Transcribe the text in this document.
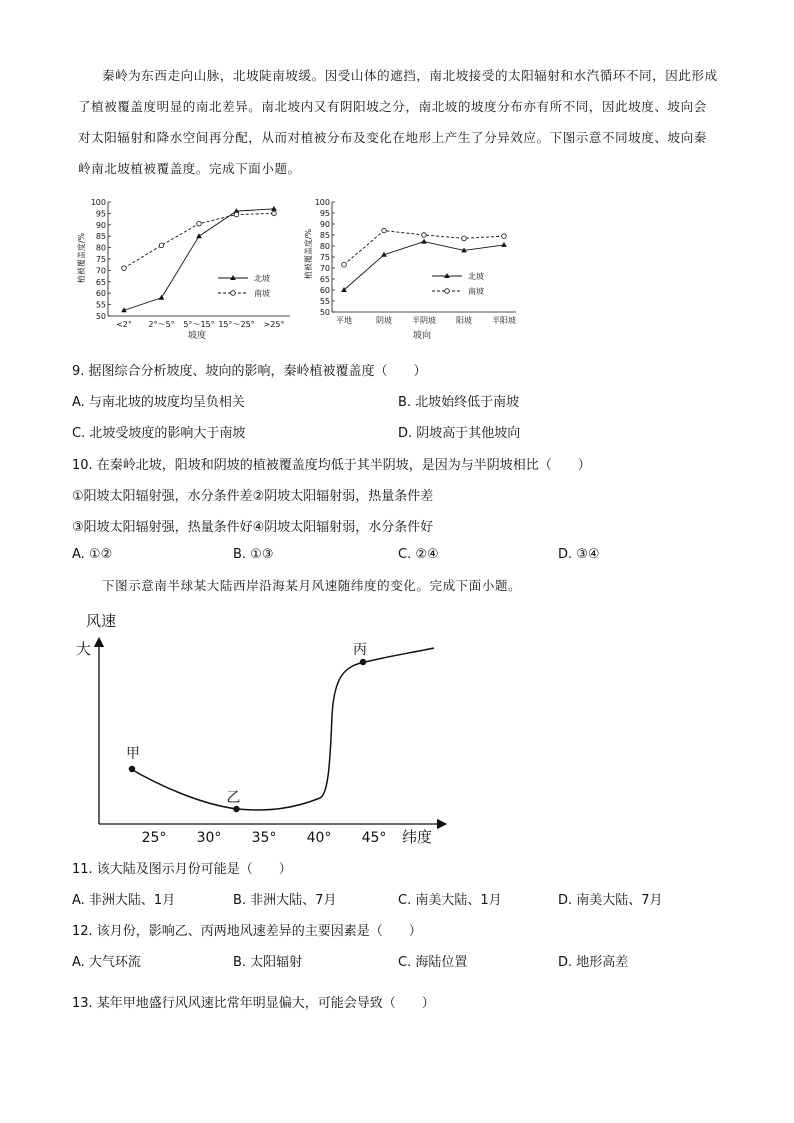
秦岭为东西走向山脉，北坡陡南坡缓。因受山体的遮挡，南北坡接受的太阳辐射和水汽循环不同，因此形成了植被覆盖度明显的南北差异。南北坡内又有阴阳坡之分，南北坡的坡度分布亦有所不同，因此坡度、坡向会对太阳辐射和降水空间再分配，从而对植被分布及变化在地形上产生了分异效应。下图示意不同坡度、坡向秦岭南北坡植被覆盖度。完成下面小题。
50
55
60
65
70
75
80
85
90
95
100
<2° 2°～5° 5°～15° 15°～25° >25°
植被覆盖度/%
坡度
北坡
南坡
50
55
60
65
70
75
80
85
90
95
100
平地	阴坡	半阴坡	阳坡	半阳坡
植被覆盖度/%
坡向
北坡
南坡
9. 据图综合分析坡度、坡向的影响，秦岭植被覆盖度（　　）
A. 与南北坡的坡度均呈负相关	B. 北坡始终低于南坡
C. 北坡受坡度的影响大于南坡	D. 阴坡高于其他坡向
10. 在秦岭北坡，阳坡和阴坡的植被覆盖度均低于其半阴坡，是因为与半阴坡相比（　　）
①阳坡太阳辐射强，水分条件差②阴坡太阳辐射弱，热量条件差
③阳坡太阳辐射强，热量条件好④阴坡太阳辐射弱，水分条件好
A. ①②	B. ①③	C. ②④	D. ③④
下图示意南半球某大陆西岸沿海某月风速随纬度的变化。完成下面小题。
风速
大
纬度
25° 30° 35° 40° 45°
甲
乙
丙
11. 该大陆及图示月份可能是（　　）
A. 非洲大陆、1月	B. 非洲大陆、7月	C. 南美大陆、1月	D. 南美大陆、7月
12. 该月份，影响乙、丙两地风速差异的主要因素是（　　）
A. 大气环流	B. 太阳辐射	C. 海陆位置	D. 地形高差
13. 某年甲地盛行风风速比常年明显偏大，可能会导致（　　）
